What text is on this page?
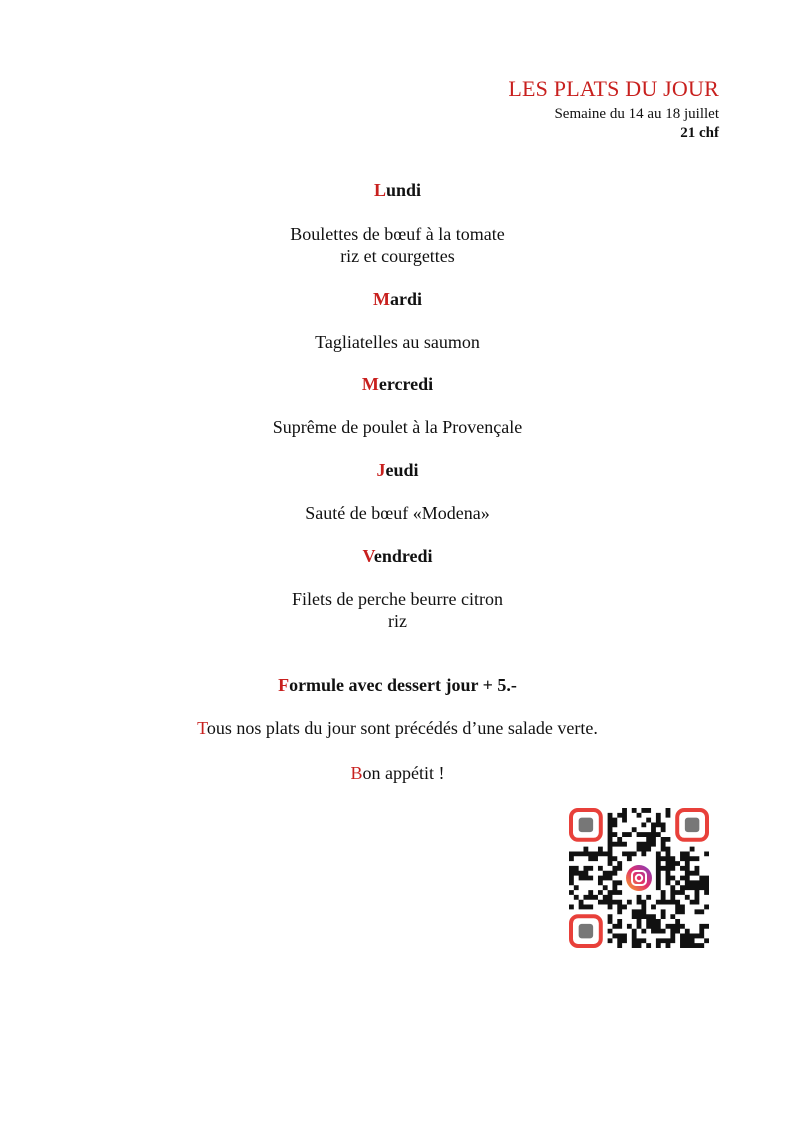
LES PLATS DU JOUR
Semaine du 14 au 18 juillet
21 chf
Lundi
Boulettes de bœuf à la tomate
riz et courgettes
Mardi
Tagliatelles au saumon
Mercredi
Suprême de poulet à la Provençale
Jeudi
Sauté de bœuf «Modena»
Vendredi
Filets de perche beurre citron
riz
Formule avec dessert jour + 5.-
Tous nos plats du jour sont précédés d’une salade verte.
Bon appétit !
